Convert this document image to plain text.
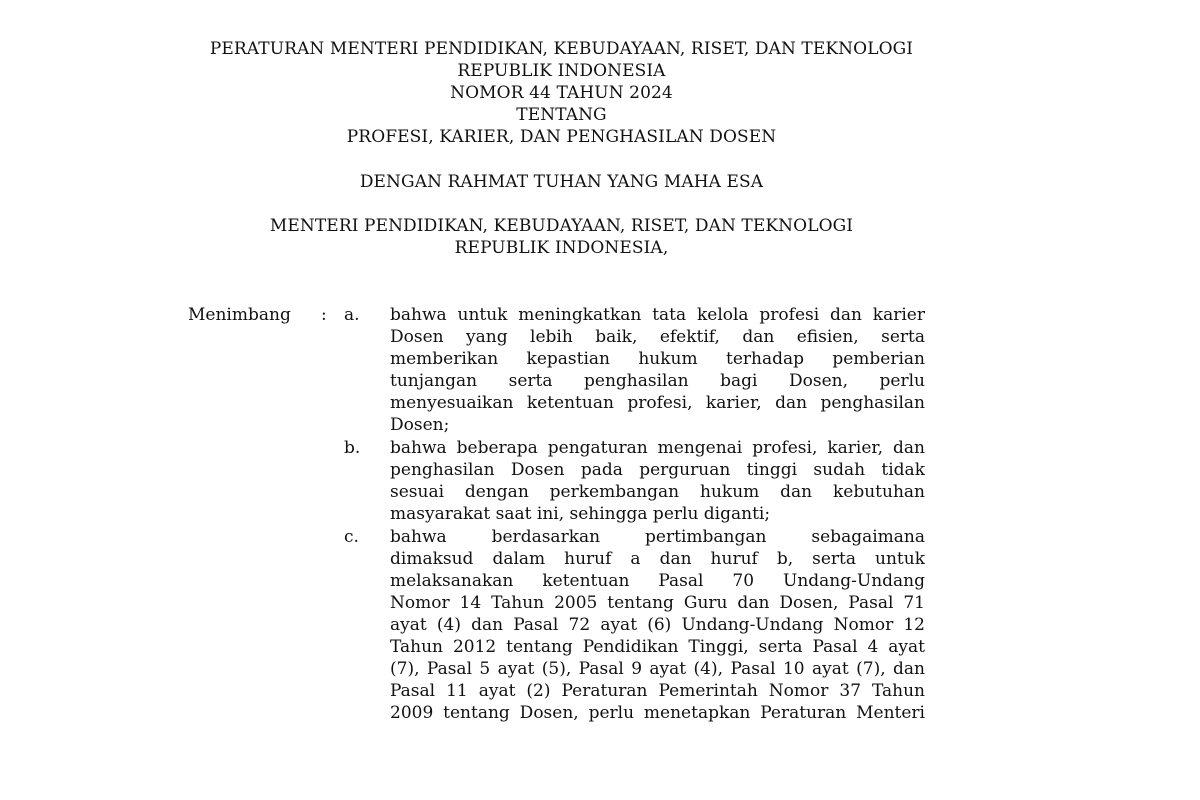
PERATURAN MENTERI PENDIDIKAN, KEBUDAYAAN, RISET, DAN TEKNOLOGI
REPUBLIK INDONESIA
NOMOR 44 TAHUN 2024
TENTANG
PROFESI, KARIER, DAN PENGHASILAN DOSEN
DENGAN RAHMAT TUHAN YANG MAHA ESA
MENTERI PENDIDIKAN, KEBUDAYAAN, RISET, DAN TEKNOLOGI
REPUBLIK INDONESIA,
Menimbang : a. bahwa untuk meningkatkan tata kelola profesi dan karier
Dosen yang lebih baik, efektif, dan efisien, serta
memberikan kepastian hukum terhadap pemberian
tunjangan serta penghasilan bagi Dosen, perlu
menyesuaikan ketentuan profesi, karier, dan penghasilan
Dosen;
b. bahwa beberapa pengaturan mengenai profesi, karier, dan
penghasilan Dosen pada perguruan tinggi sudah tidak
sesuai dengan perkembangan hukum dan kebutuhan
masyarakat saat ini, sehingga perlu diganti;
c. bahwa berdasarkan pertimbangan sebagaimana
dimaksud dalam huruf a dan huruf b, serta untuk
melaksanakan ketentuan Pasal 70 Undang-Undang
Nomor 14 Tahun 2005 tentang Guru dan Dosen, Pasal 71
ayat (4) dan Pasal 72 ayat (6) Undang-Undang Nomor 12
Tahun 2012 tentang Pendidikan Tinggi, serta Pasal 4 ayat
(7), Pasal 5 ayat (5), Pasal 9 ayat (4), Pasal 10 ayat (7), dan
Pasal 11 ayat (2) Peraturan Pemerintah Nomor 37 Tahun
2009 tentang Dosen, perlu menetapkan Peraturan Menteri
